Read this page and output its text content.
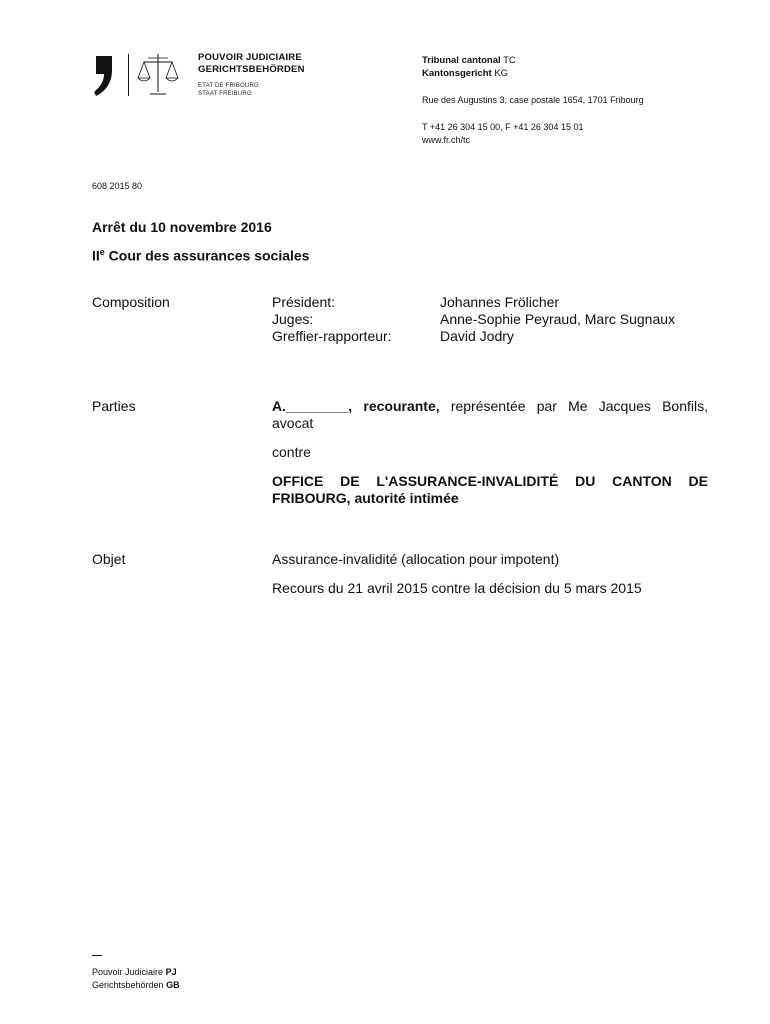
POUVOIR JUDICIAIRE
GERICHTSBEHÖRDEN
ETAT DE FRIBOURG
STAAT FREIBURG
Tribunal cantonal TC
Kantonsgericht KG
Rue des Augustins 3, case postale 1654, 1701 Fribourg
T +41 26 304 15 00, F +41 26 304 15 01
www.fr.ch/tc
608 2015 80
Arrêt du 10 novembre 2016
IIe Cour des assurances sociales
Composition	Président:	Johannes Frölicher
Juges:	Anne-Sophie Peyraud, Marc Sugnaux
Greffier-rapporteur:	David Jodry
Parties	A.________, recourante, représentée par Me Jacques Bonfils,
avocat
contre
OFFICE DE L'ASSURANCE-INVALIDITÉ DU CANTON DE
FRIBOURG, autorité intimée
Objet	Assurance-invalidité (allocation pour impotent)
Recours du 21 avril 2015 contre la décision du 5 mars 2015
Pouvoir Judiciaire PJ
Gerichtsbehörden GB
